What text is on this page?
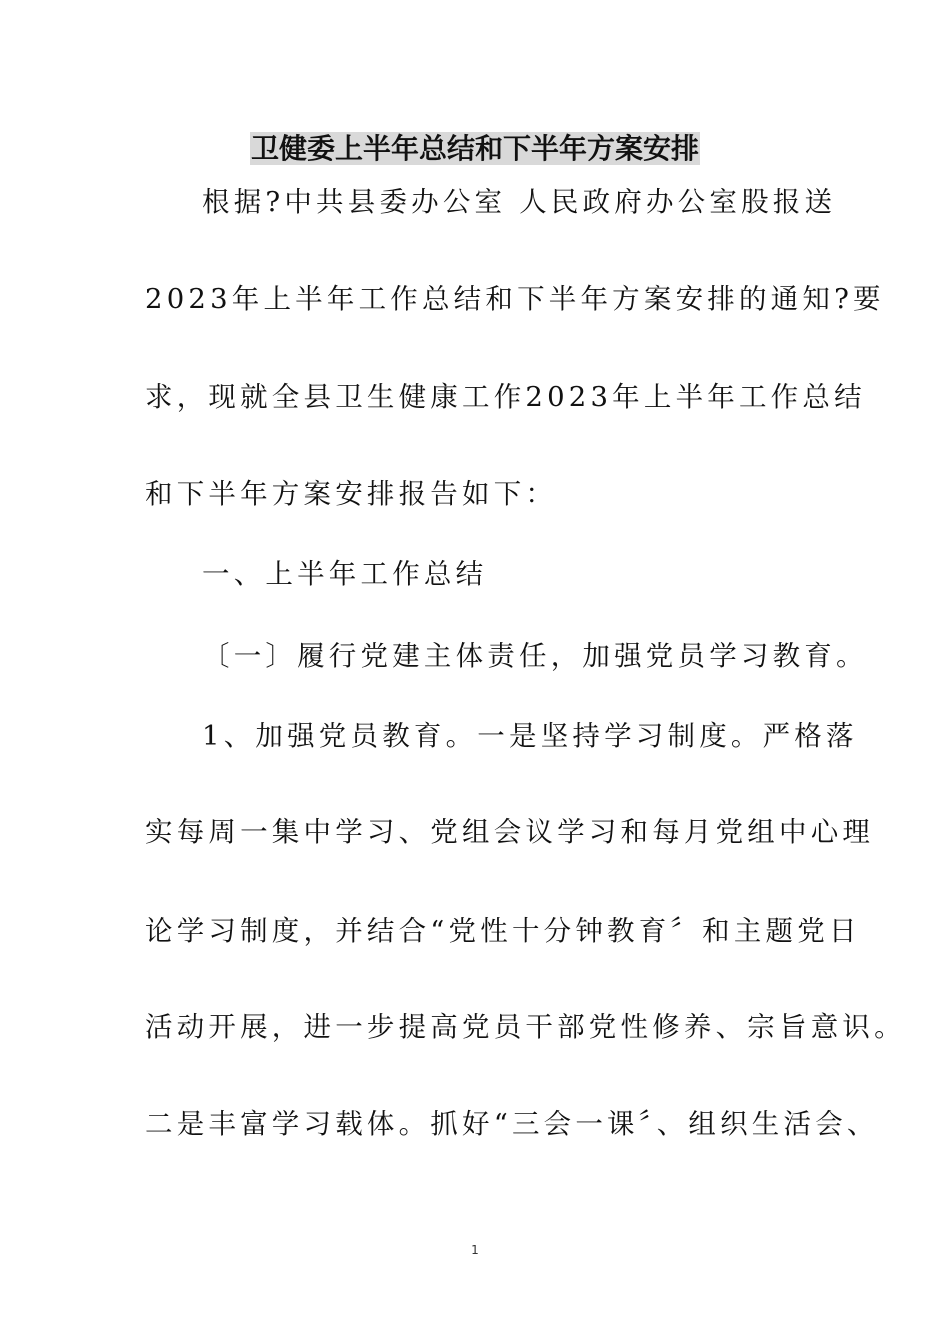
卫健委上半年总结和下半年方案安排
根据?中共县委办公室 人民政府办公室股报送
2023年上半年工作总结和下半年方案安排的通知?要
求，现就全县卫生健康工作2023年上半年工作总结
和下半年方案安排报告如下：
一、上半年工作总结
〔一〕履行党建主体责任，加强党员学习教育。
1、加强党员教育。一是坚持学习制度。严格落
实每周一集中学习、党组会议学习和每月党组中心理
论学习制度，并结合“党性十分钟教育〞和主题党日
活动开展，进一步提高党员干部党性修养、宗旨意识。
二是丰富学习载体。抓好“三会一课〞、组织生活会、
1
